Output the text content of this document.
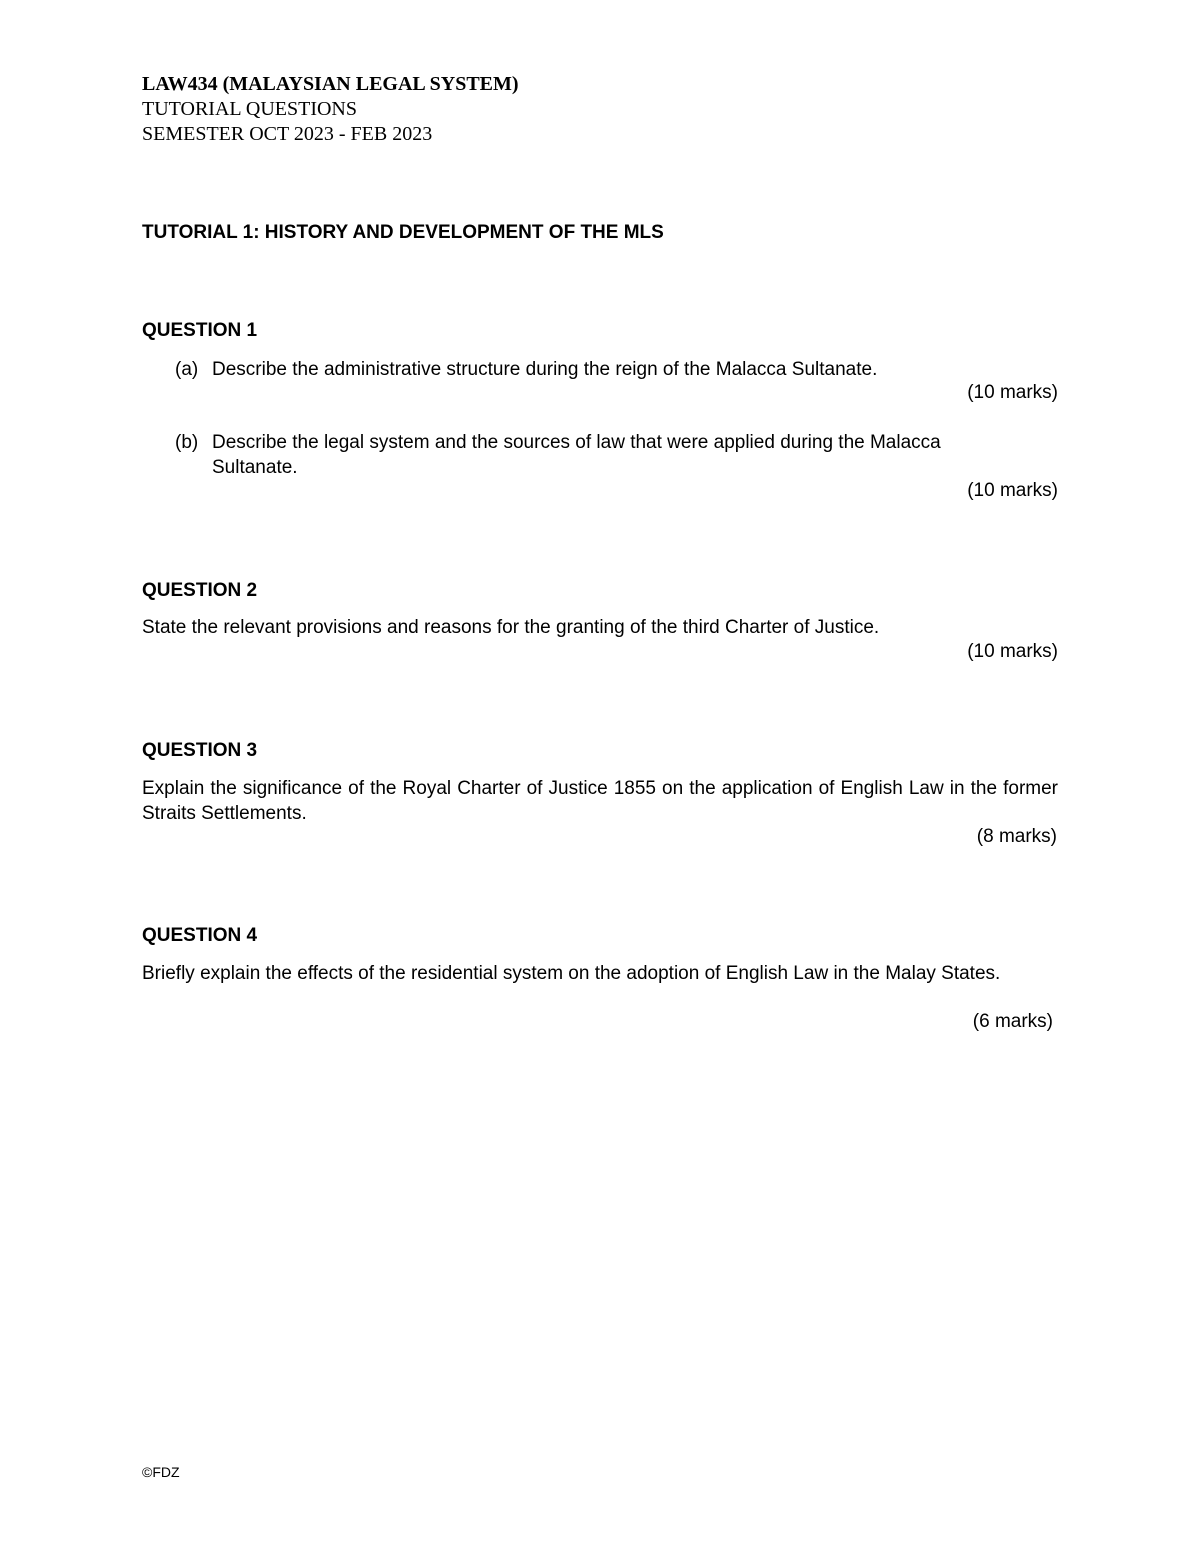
LAW434 (MALAYSIAN LEGAL SYSTEM)
TUTORIAL QUESTIONS
SEMESTER OCT 2023 - FEB 2023
TUTORIAL 1: HISTORY AND DEVELOPMENT OF THE MLS
QUESTION 1
(a) Describe the administrative structure during the reign of the Malacca Sultanate.
(10 marks)
(b) Describe the legal system and the sources of law that were applied during the Malacca Sultanate.
(10 marks)
QUESTION 2
State the relevant provisions and reasons for the granting of the third Charter of Justice.
(10 marks)
QUESTION 3
Explain the significance of the Royal Charter of Justice 1855 on the application of English Law in the former Straits Settlements.
(8 marks)
QUESTION 4
Briefly explain the effects of the residential system on the adoption of English Law in the Malay States.
(6 marks)
©FDZ
